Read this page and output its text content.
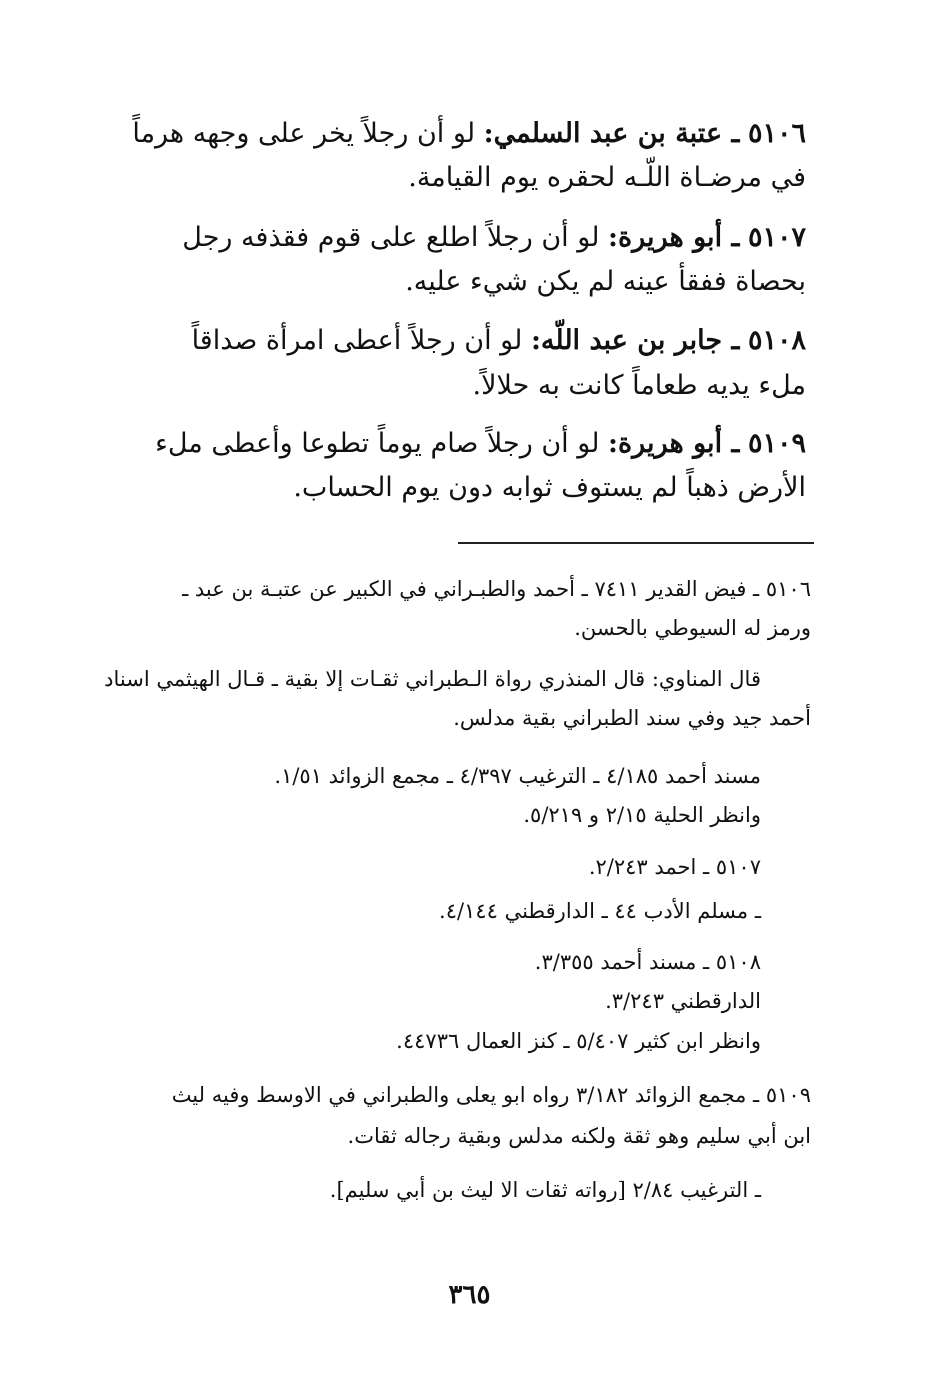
٥١٠٦ ـ عتبة بن عبد السلمي: لو أن رجلاً يخر على وجهه هرماً
في مرضـاة اللّـه لحقره يوم القيامة.
٥١٠٧ ـ أبو هريرة: لو أن رجلاً اطلع على قوم فقذفه رجل
بحصاة ففقأ عينه لم يكن شيء عليه.
٥١٠٨ ـ جابر بن عبد اللّه: لو أن رجلاً أعطى امرأة صداقاً
ملء يديه طعاماً كانت به حلالاً.
٥١٠٩ ـ أبو هريرة: لو أن رجلاً صام يوماً تطوعا وأعطى ملء
الأرض ذهباً لم يستوف ثوابه دون يوم الحساب.
٥١٠٦ ـ فيض القدير ٧٤١١ ـ أحمد والطبـراني في الكبير عن عتبـة بن عبد ـ
ورمز له السيوطي بالحسن.
قال المناوي: قال المنذري رواة الـطبراني ثقـات إلا بقية ـ قـال الهيثمي اسناد
أحمد جيد وفي سند الطبراني بقية مدلس.
مسند أحمد ٤/١٨٥ ـ الترغيب ٤/٣٩٧ ـ مجمع الزوائد ١/٥١.
وانظر الحلية ٢/١٥ و ٥/٢١٩.
٥١٠٧ ـ احمد ٢/٢٤٣.
ـ مسلم الأدب ٤٤ ـ الدارقطني ٤/١٤٤.
٥١٠٨ ـ مسند أحمد ٣/٣٥٥.
الدارقطني ٣/٢٤٣.
وانظر ابن كثير ٥/٤٠٧ ـ كنز العمال ٤٤٧٣٦.
٥١٠٩ ـ مجمع الزوائد ٣/١٨٢ رواه ابو يعلى والطبراني في الاوسط وفيه ليث
ابن أبي سليم وهو ثقة ولكنه مدلس وبقية رجاله ثقات.
ـ الترغيب ٢/٨٤ [رواته ثقات الا ليث بن أبي سليم].
٣٦٥
